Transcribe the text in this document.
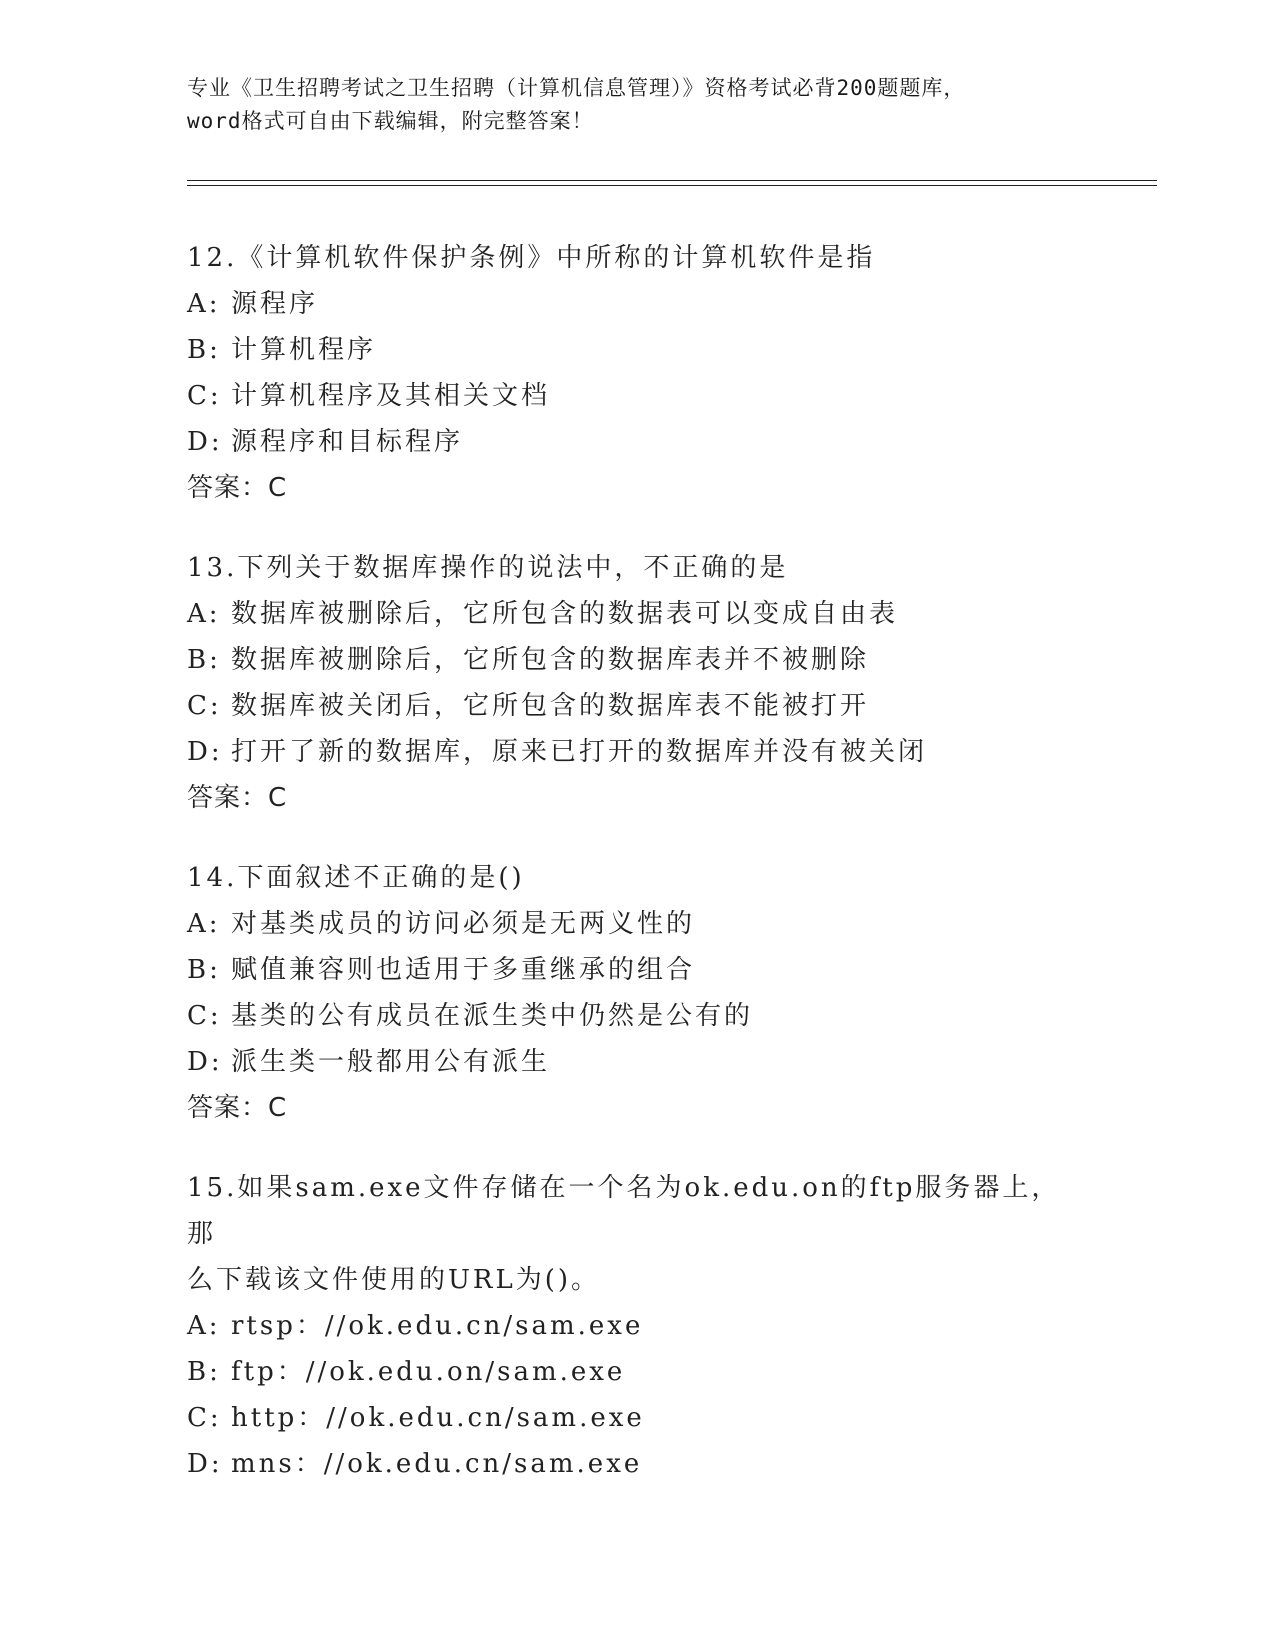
专业《卫生招聘考试之卫生招聘（计算机信息管理）》资格考试必背200题题库，
word格式可自由下载编辑，附完整答案！
12.《计算机软件保护条例》中所称的计算机软件是指
A: 源程序
B: 计算机程序
C: 计算机程序及其相关文档
D: 源程序和目标程序
答案：C
13.下列关于数据库操作的说法中，不正确的是
A: 数据库被删除后，它所包含的数据表可以变成自由表
B: 数据库被删除后，它所包含的数据库表并不被删除
C: 数据库被关闭后，它所包含的数据库表不能被打开
D: 打开了新的数据库，原来已打开的数据库并没有被关闭
答案：C
14.下面叙述不正确的是()
A: 对基类成员的访问必须是无两义性的
B: 赋值兼容则也适用于多重继承的组合
C: 基类的公有成员在派生类中仍然是公有的
D: 派生类一般都用公有派生
答案：C
15.如果sam.exe文件存储在一个名为ok.edu.on的ftp服务器上，那
么下载该文件使用的URL为()。
A: rtsp：//ok.edu.cn/sam.exe
B: ftp：//ok.edu.on/sam.exe
C: http：//ok.edu.cn/sam.exe
D: mns：//ok.edu.cn/sam.exe
